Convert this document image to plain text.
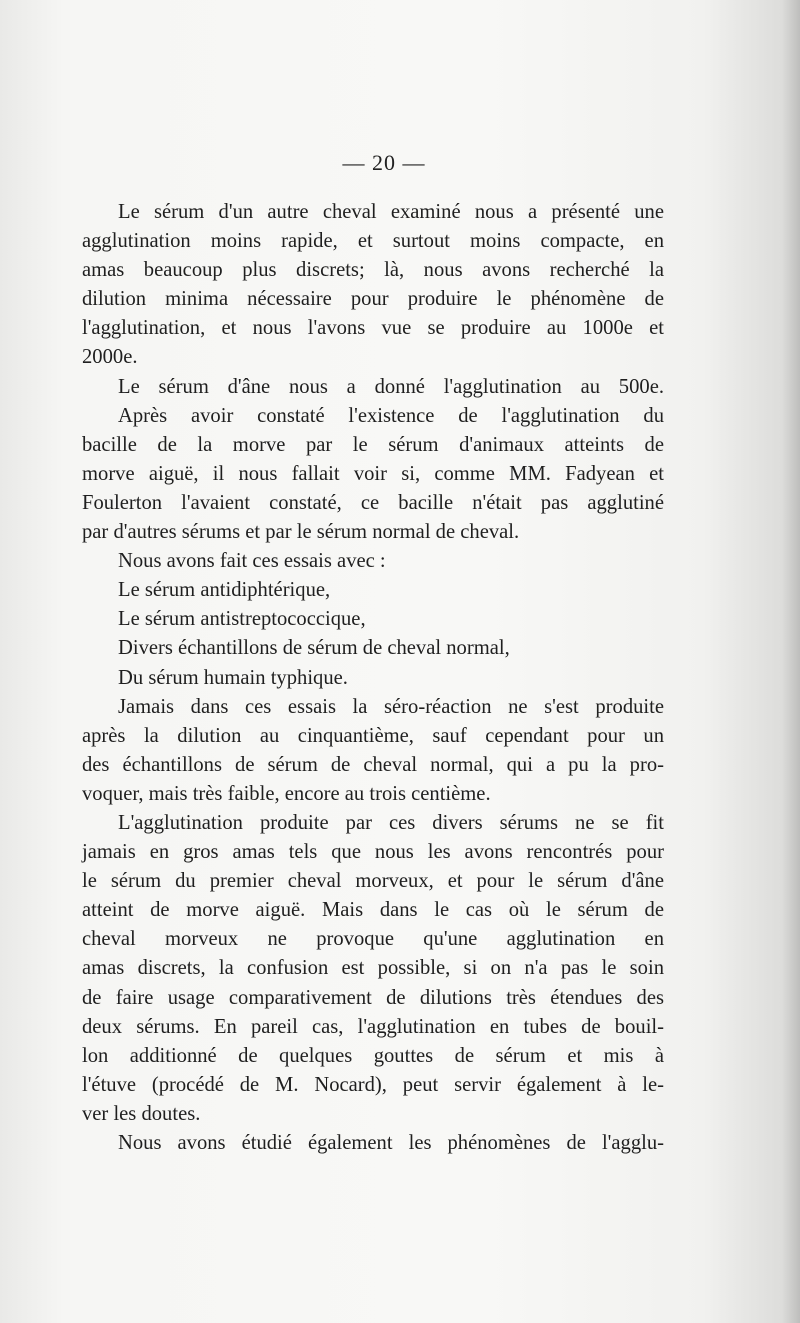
— 20 —
Le sérum d'un autre cheval examiné nous a présenté une
agglutination moins rapide, et surtout moins compacte, en
amas beaucoup plus discrets; là, nous avons recherché la
dilution minima nécessaire pour produire le phénomène de
l'agglutination, et nous l'avons vue se produire au 1000e et
2000e.
Le sérum d'âne nous a donné l'agglutination au 500e.
Après avoir constaté l'existence de l'agglutination du
bacille de la morve par le sérum d'animaux atteints de
morve aiguë, il nous fallait voir si, comme MM. Fadyean et
Foulerton l'avaient constaté, ce bacille n'était pas agglutiné
par d'autres sérums et par le sérum normal de cheval.
Nous avons fait ces essais avec :
Le sérum antidiphtérique,
Le sérum antistreptococcique,
Divers échantillons de sérum de cheval normal,
Du sérum humain typhique.
Jamais dans ces essais la séro-réaction ne s'est produite
après la dilution au cinquantième, sauf cependant pour un
des échantillons de sérum de cheval normal, qui a pu la pro-
voquer, mais très faible, encore au trois centième.
L'agglutination produite par ces divers sérums ne se fit
jamais en gros amas tels que nous les avons rencontrés pour
le sérum du premier cheval morveux, et pour le sérum d'âne
atteint de morve aiguë. Mais dans le cas où le sérum de
cheval morveux ne provoque qu'une agglutination en
amas discrets, la confusion est possible, si on n'a pas le soin
de faire usage comparativement de dilutions très étendues des
deux sérums. En pareil cas, l'agglutination en tubes de bouil-
lon additionné de quelques gouttes de sérum et mis à
l'étuve (procédé de M. Nocard), peut servir également à le-
ver les doutes.
Nous avons étudié également les phénomènes de l'agglu-
